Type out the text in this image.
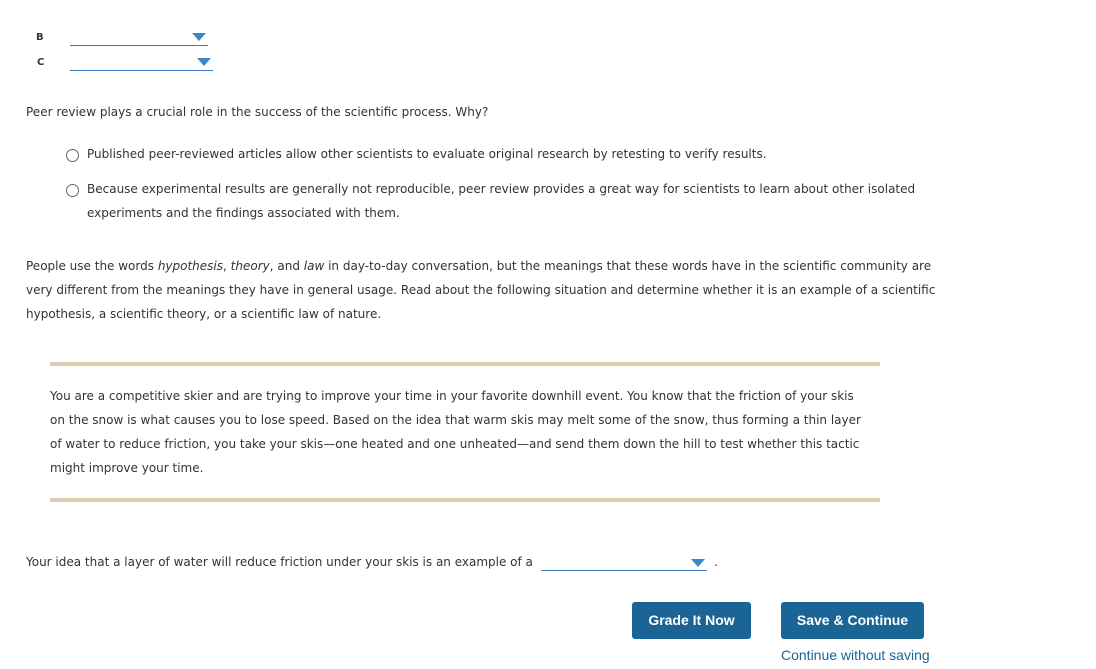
B
C
Peer review plays a crucial role in the success of the scientific process. Why?
Published peer-reviewed articles allow other scientists to evaluate original research by retesting to verify results.
Because experimental results are generally not reproducible, peer review provides a great way for scientists to learn about other isolated
experiments and the findings associated with them.
People use the words hypothesis, theory, and law in day-to-day conversation, but the meanings that these words have in the scientific community are
very different from the meanings they have in general usage. Read about the following situation and determine whether it is an example of a scientific
hypothesis, a scientific theory, or a scientific law of nature.
You are a competitive skier and are trying to improve your time in your favorite downhill event. You know that the friction of your skis
on the snow is what causes you to lose speed. Based on the idea that warm skis may melt some of the snow, thus forming a thin layer
of water to reduce friction, you take your skis—one heated and one unheated—and send them down the hill to test whether this tactic
might improve your time.
Your idea that a layer of water will reduce friction under your skis is an example of a	.
Grade It Now	Save & Continue
Continue without saving
